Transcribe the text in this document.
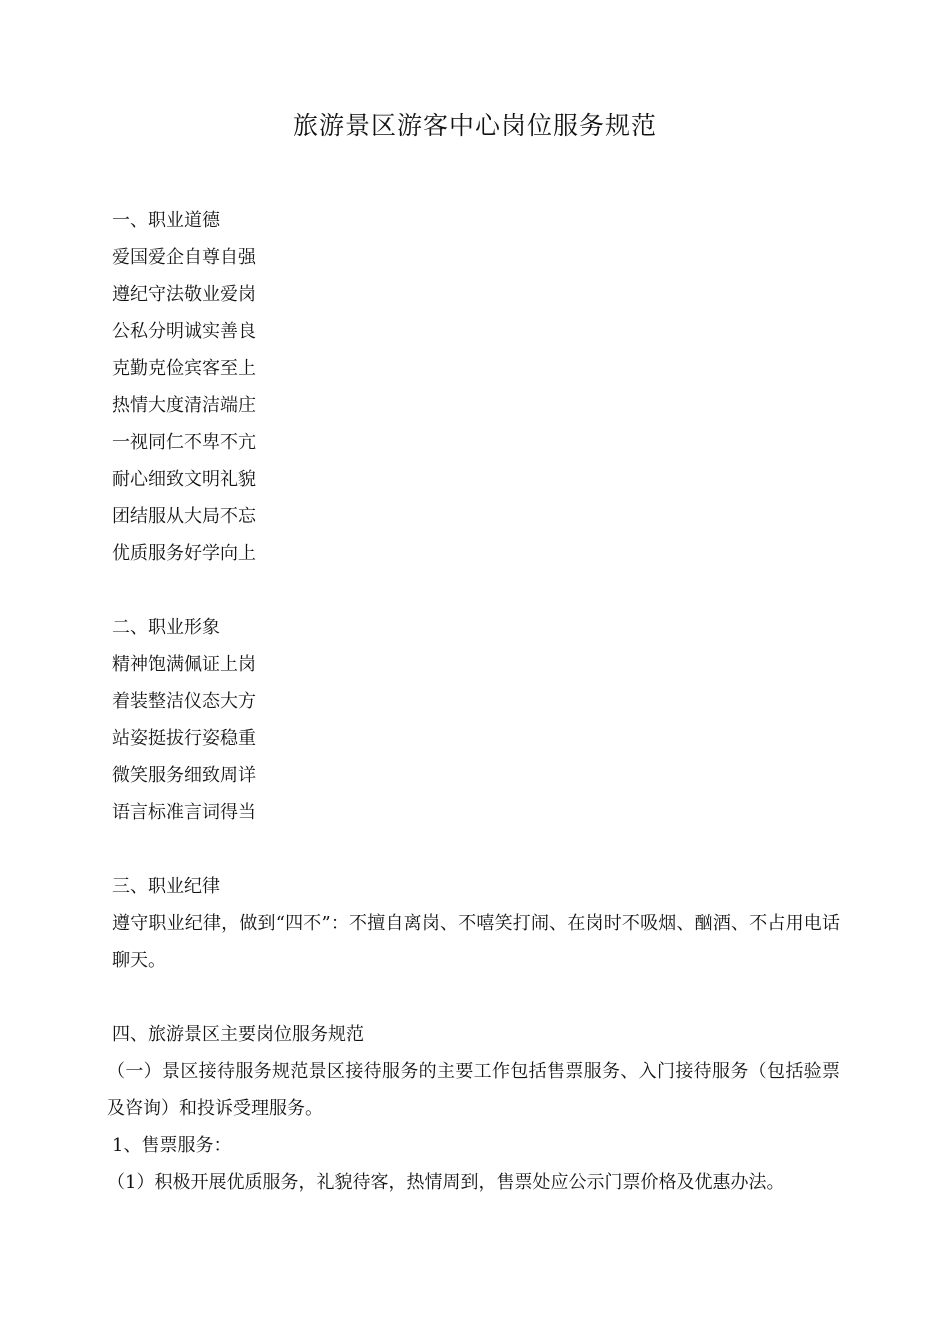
旅游景区游客中心岗位服务规范

一、职业道德

爱国爱企自尊自强

遵纪守法敬业爱岗

公私分明诚实善良

克勤克俭宾客至上

热情大度清洁端庄

一视同仁不卑不亢

耐心细致文明礼貌

团结服从大局不忘

优质服务好学向上

二、职业形象

精神饱满佩证上岗

着装整洁仪态大方

站姿挺拔行姿稳重

微笑服务细致周详

语言标准言词得当

三、职业纪律

遵守职业纪律，做到“四不”：不擅自离岗、不嘻笑打闹、在岗时不吸烟、酗酒、不占用电话聊天。

四、旅游景区主要岗位服务规范

（一）景区接待服务规范景区接待服务的主要工作包括售票服务、入门接待服务（包括验票及咨询）和投诉受理服务。

1、售票服务：

（1）积极开展优质服务，礼貌待客，热情周到，售票处应公示门票价格及优惠办法。
